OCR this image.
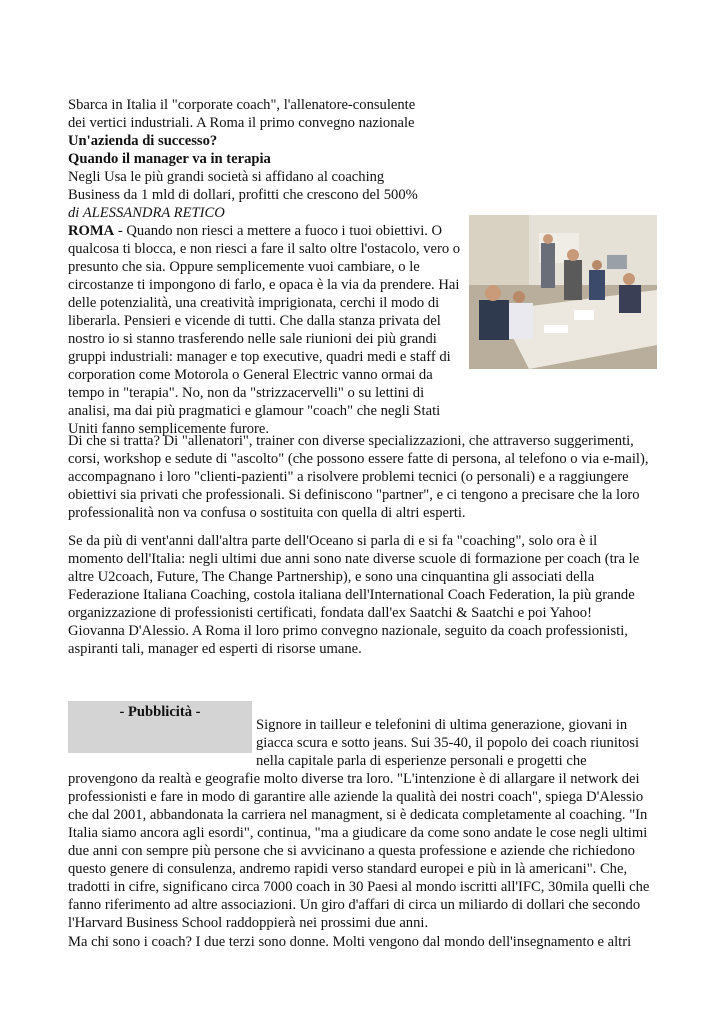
Sbarca in Italia il "corporate coach", l'allenatore-consulente
dei vertici industriali. A Roma il primo convegno nazionale
Un'azienda di successo?
Quando il manager va in terapia
Negli Usa le più grandi società si affidano al coaching
Business da 1 mld di dollari, profitti che crescono del 500%
di ALESSANDRA RETICO
ROMA - Quando non riesci a mettere a fuoco i tuoi obiettivi. O
qualcosa ti blocca, e non riesci a fare il salto oltre l'ostacolo, vero o
presunto che sia. Oppure semplicemente vuoi cambiare, o le
circostanze ti impongono di farlo, e opaca è la via da prendere. Hai
delle potenzialità, una creatività imprigionata, cerchi il modo di
liberarla. Pensieri e vicende di tutti. Che dalla stanza privata del
nostro io si stanno trasferendo nelle sale riunioni dei più grandi
gruppi industriali: manager e top executive, quadri medi e staff di
corporation come Motorola o General Electric vanno ormai da
tempo in "terapia". No, non da "strizzacervelli" o su lettini di
analisi, ma dai più pragmatici e glamour "coach" che negli Stati
Uniti fanno semplicemente furore.
Di che si tratta? Di "allenatori", trainer con diverse specializzazioni, che attraverso suggerimenti,
corsi, workshop e sedute di "ascolto" (che possono essere fatte di persona, al telefono o via e-mail),
accompagnano i loro "clienti-pazienti" a risolvere problemi tecnici (o personali) e a raggiungere
obiettivi sia privati che professionali. Si definiscono "partner", e ci tengono a precisare che la loro
professionalità non va confusa o sostituita con quella di altri esperti.
Se da più di vent'anni dall'altra parte dell'Oceano si parla di e si fa "coaching", solo ora è il
momento dell'Italia: negli ultimi due anni sono nate diverse scuole di formazione per coach (tra le
altre U2coach, Future, The Change Partnership), e sono una cinquantina gli associati della
Federazione Italiana Coaching, costola italiana dell'International Coach Federation, la più grande
organizzazione di professionisti certificati, fondata dall'ex Saatchi & Saatchi e poi Yahoo!
Giovanna D'Alessio. A Roma il loro primo convegno nazionale, seguito da coach professionisti,
aspiranti tali, manager ed esperti di risorse umane.
- Pubblicità -
Signore in tailleur e telefonini di ultima generazione, giovani in
giacca scura e sotto jeans. Sui 35-40, il popolo dei coach riunitosi
nella capitale parla di esperienze personali e progetti che
provengono da realtà e geografie molto diverse tra loro. "L'intenzione è di allargare il network dei
professionisti e fare in modo di garantire alle aziende la qualità dei nostri coach", spiega D'Alessio
che dal 2001, abbandonata la carriera nel managment, si è dedicata completamente al coaching. "In
Italia siamo ancora agli esordi", continua, "ma a giudicare da come sono andate le cose negli ultimi
due anni con sempre più persone che si avvicinano a questa professione e aziende che richiedono
questo genere di consulenza, andremo rapidi verso standard europei e più in là americani". Che,
tradotti in cifre, significano circa 7000 coach in 30 Paesi al mondo iscritti all'IFC, 30mila quelli che
fanno riferimento ad altre associazioni. Un giro d'affari di circa un miliardo di dollari che secondo
l'Harvard Business School raddoppierà nei prossimi due anni.
Ma chi sono i coach? I due terzi sono donne. Molti vengono dal mondo dell'insegnamento e altri
